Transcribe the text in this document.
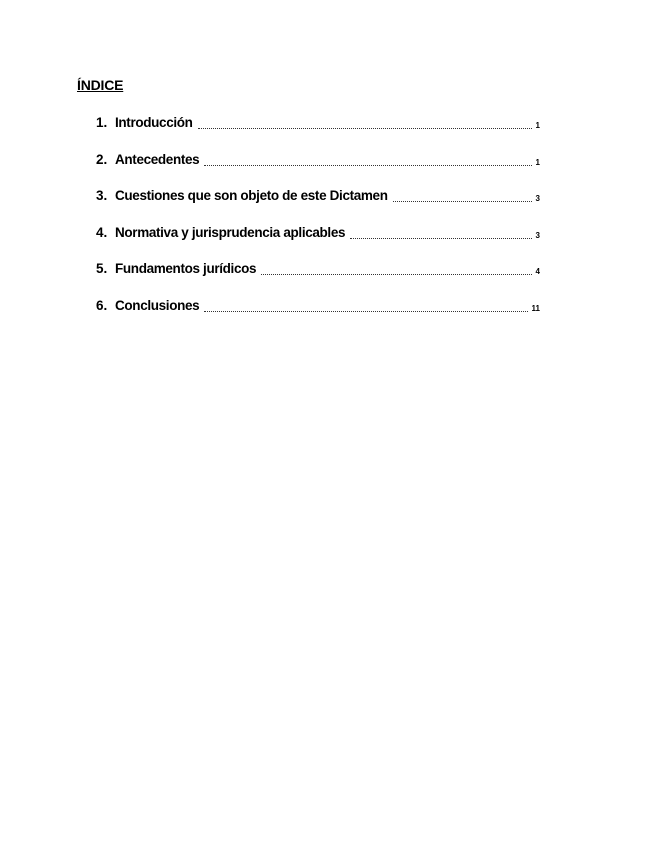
ÍNDICE
1. Introducción	1
2. Antecedentes	1
3. Cuestiones que son objeto de este Dictamen	3
4. Normativa y jurisprudencia aplicables	3
5. Fundamentos jurídicos	4
6. Conclusiones	11
